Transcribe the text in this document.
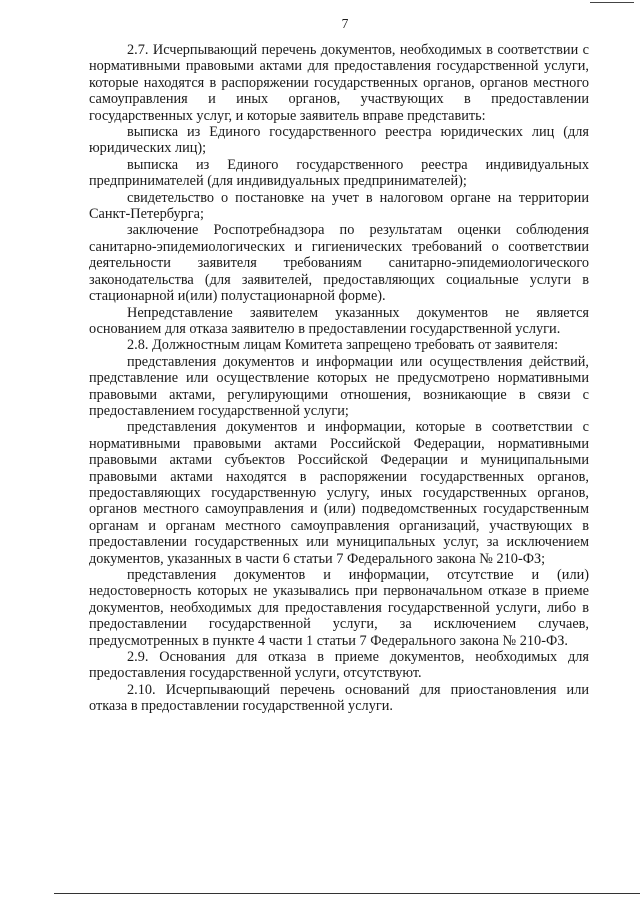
7

2.7. Исчерпывающий перечень документов, необходимых в соответствии с нормативными правовыми актами для предоставления государственной услуги, которые находятся в распоряжении государственных органов, органов местного самоуправления и иных органов, участвующих в предоставлении государственных услуг, и которые заявитель вправе представить:

выписка из Единого государственного реестра юридических лиц (для юридических лиц);

выписка из Единого государственного реестра индивидуальных предпринимателей (для индивидуальных предпринимателей);

свидетельство о постановке на учет в налоговом органе на территории Санкт-Петербурга;

заключение Роспотребнадзора по результатам оценки соблюдения санитарно-эпидемиологических и гигиенических требований о соответствии деятельности заявителя требованиям санитарно-эпидемиологического законодательства (для заявителей, предоставляющих социальные услуги в стационарной и(или) полустационарной форме).

Непредставление заявителем указанных документов не является основанием для отказа заявителю в предоставлении государственной услуги.

2.8. Должностным лицам Комитета запрещено требовать от заявителя:

представления документов и информации или осуществления действий, представление или осуществление которых не предусмотрено нормативными правовыми актами, регулирующими отношения, возникающие в связи с предоставлением государственной услуги;

представления документов и информации, которые в соответствии с нормативными правовыми актами Российской Федерации, нормативными правовыми актами субъектов Российской Федерации и муниципальными правовыми актами находятся в распоряжении государственных органов, предоставляющих государственную услугу, иных государственных органов, органов местного самоуправления и (или) подведомственных государственным органам и органам местного самоуправления организаций, участвующих в предоставлении государственных или муниципальных услуг, за исключением документов, указанных в части 6 статьи 7 Федерального закона № 210-ФЗ;

представления документов и информации, отсутствие и (или) недостоверность которых не указывались при первоначальном отказе в приеме документов, необходимых для предоставления государственной услуги, либо в предоставлении государственной услуги, за исключением случаев, предусмотренных в пункте 4 части 1 статьи 7 Федерального закона № 210-ФЗ.

2.9. Основания для отказа в приеме документов, необходимых для предоставления государственной услуги, отсутствуют.

2.10. Исчерпывающий перечень оснований для приостановления или отказа в предоставлении государственной услуги.
